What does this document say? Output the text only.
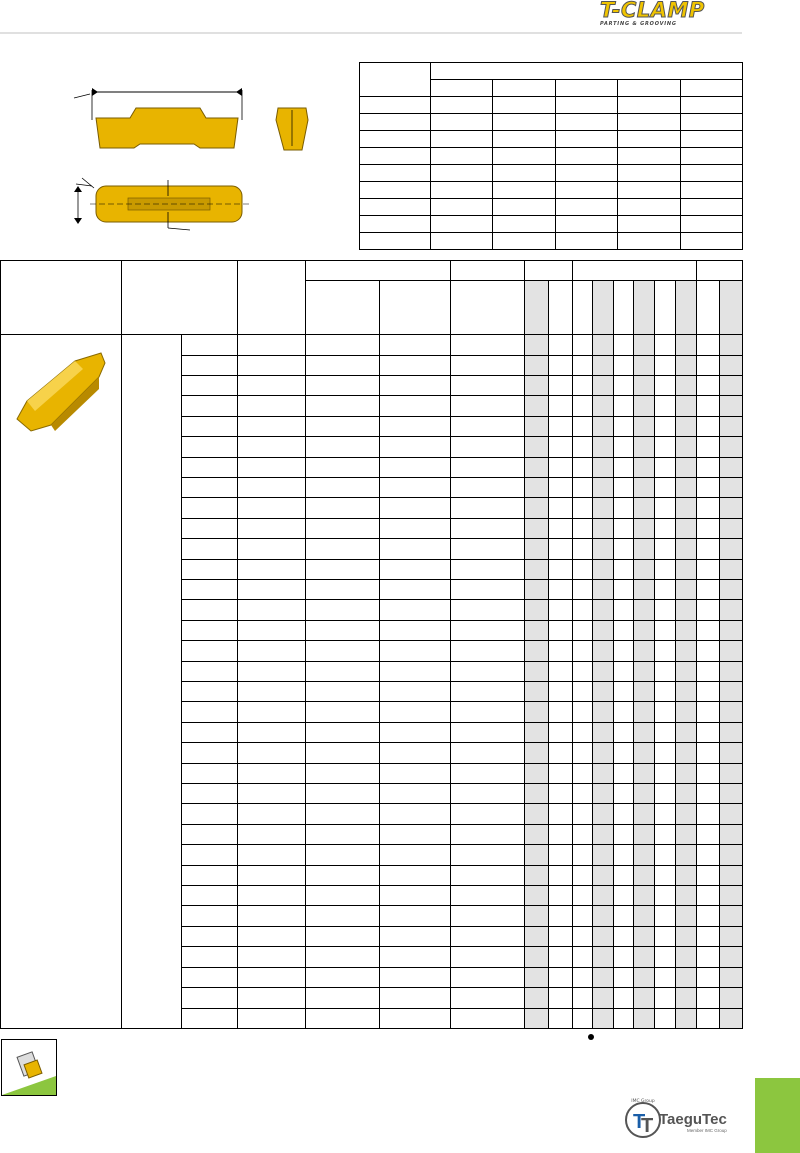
T-CLAMP
PARTING & GROOVING

IMC Group
T
T TaeguTec
Member IMC Group
